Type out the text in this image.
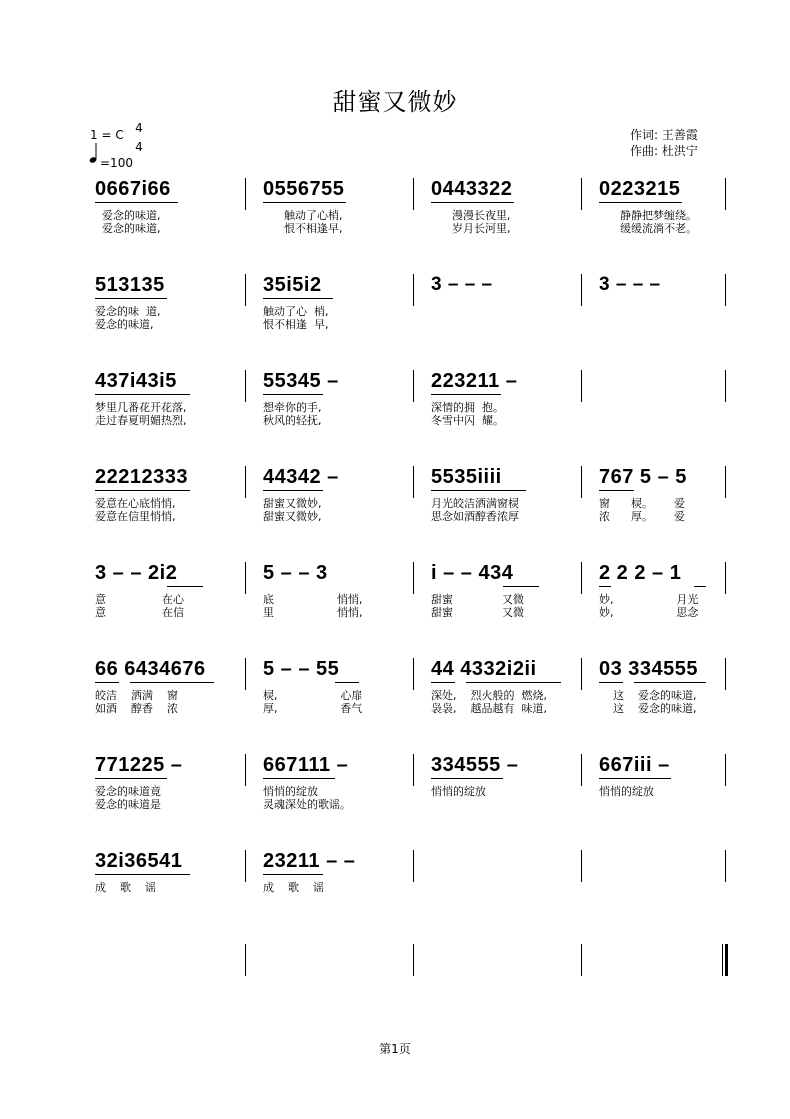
甜蜜又微妙
1 = C 4
4
=100
作词: 王善霞
作曲: 杜洪宁
0667i66
爱念的味道,
爱念的味道,
0556755
触动了心梢,
恨不相逢早,
0443322
漫漫长夜里,
岁月长河里,
0223215
静静把梦缠绕。
缓缓流淌不老。
513135
爱念的味  道,
爱念的味道,
35i5i2
触动了心  梢,
恨不相逢  早,
3 – – –	3 – – –
437i43i5
梦里几番花开花落,
走过春夏明媚热烈,
55345 –
想牵你的手,
秋风的轻抚,
223211 –
深情的拥  抱。
冬雪中闪  耀。
22212333
爱意在心底悄悄,
爱意在信里悄悄,
44342 –
甜蜜又微妙,
甜蜜又微妙,
5535iiii
月光皎洁洒满窗棂
思念如酒醇香浓厚
767 5 – 5
窗      棂。      爱
浓      厚。      爱
3 – – 2i2
意                在心
意                在信
5 – – 3
底                  悄悄,
里                  悄悄,
i – – 434
甜蜜              又微
甜蜜              又微
2 2 2 – 1
妙,                  月光
妙,                  思念
66 6434676
皎洁    洒满    窗
如酒    醇香    浓
5 – – 55
棂,                  心扉
厚,                  香气
44 4332i2ii
深处,    烈火般的  燃烧,
袅袅,    越品越有  味道,
03 334555
这    爱念的味道,
这    爱念的味道,
771225 –
爱念的味道竟
爱念的味道是
667111 –
悄悄的绽放
灵魂深处的歌谣。
334555 –
悄悄的绽放
667iii –
悄悄的绽放
32i36541
成    歌    谣
23211 – –
成    歌    谣
第1页
